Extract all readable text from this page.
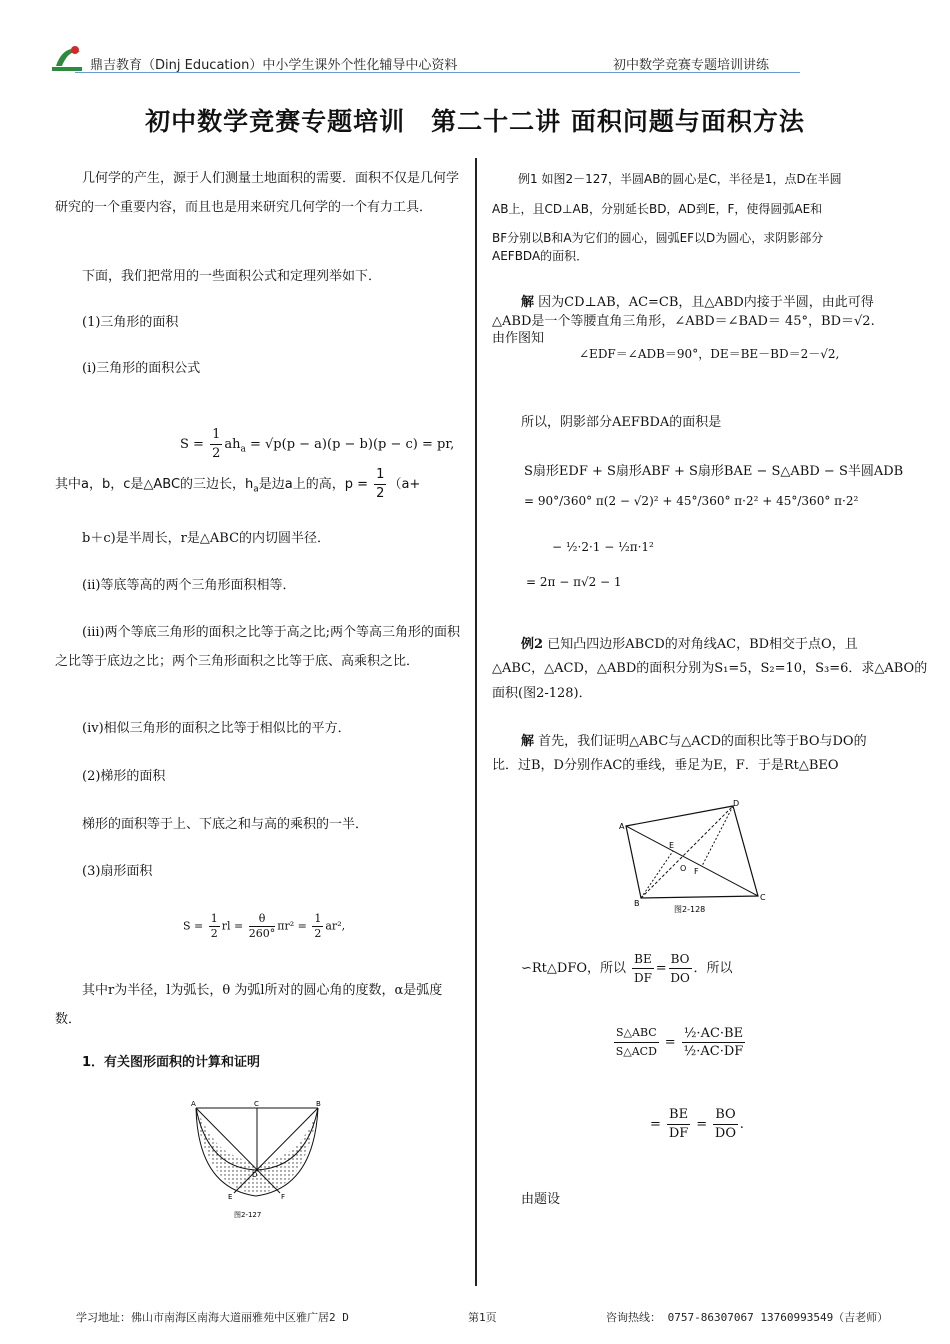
鼎吉教育（Dinj Education）中小学生课外个性化辅导中心资料	初中数学竞赛专题培训讲练
初中数学竞赛专题培训　第二十二讲 面积问题与面积方法
几何学的产生，源于人们测量土地面积的需要．面积不仅是几何学研究的一个重要内容，而且也是用来研究几何学的一个有力工具．
下面，我们把常用的一些面积公式和定理列举如下．
(1)三角形的面积
(i)三角形的面积公式
$S = \frac{1}{2} ah_a = √p(p - a)(p - b)(p - c)$ = pr,
其中a，b，c是△ABC的三边长，$h_a$是边a上的高，$p = \frac{1}{2} (a+$
b＋c)是半周长，r是△ABC的内切圆半径．
(ii)等底等高的两个三角形面积相等．
(iii)两个等底三角形的面积之比等于高之比;两个等高三角形的面积之比等于底边之比；两个三角形面积之比等于底、高乘积之比．
(iv)相似三角形的面积之比等于相似比的平方．
(2)梯形的面积
梯形的面积等于上、下底之和与高的乘积的一半．
(3)扇形面积
$S = \frac{1}{2}$ rl = $\frac{\theta}{260^\circ} \pi r^2 = \frac{1}{2} ar^2$,
其中r为半径，l为弧长，θ 为弧l所对的圆心角的度数，α是弧度数．
1．有关图形面积的计算和证明
A	C	B
D
E	F
图2-127
例1 如图2－127，半圆AB的圆心是C，半径是1，点D在半圆
AB上，且CD⊥AB，分别延长BD，AD到E，F，使得圆弧AE和
BF分别以B和A为它们的圆心，圆弧EF以D为圆心，求阴影部分
AEFBDA的面积．
解 因为CD⊥AB，AC=CB，且△ABD内接于半圆，由此可得
△ABD是一个等腰直角三角形，∠ABD＝∠BAD＝ 45°，BD＝√2.
由作图知
∠EDF＝∠ADB＝90°，DE＝BE－BD＝2－√2,
所以，阴影部分AEFBDA的面积是
S扇形EDF + S扇形ABF + S扇形BAE − S△ABD − S半圆ADB
= 90°/360° π(2 − √2)² + 45°/360° π·2² + 45°/360° π·2²
− ½·2·1 − ½π·1²
= 2π − π√2 − 1
例2 已知凸四边形ABCD的对角线AC，BD相交于点O，且
△ABC，△ACD，△ABD的面积分别为S₁=5，S₂=10，S₃=6．求△ABO的
面积(图2-128)．
解 首先，我们证明△ABC与△ACD的面积比等于BO与DO的
比．过B，D分别作AC的垂线，垂足为E，F．于是Rt△BEO
A
D
C
B
E
O F
图2-128
∽Rt△DFO，所以 $\frac{BE}{DF} = \frac{BO}{DO}$ ．所以
$\frac{\text{S△ABC}}{\text{S△ACD}} = \frac{\text{½·AC·BE}}{\text{½·AC·DF}}$
= $\frac{BE}{DF} = \frac{BO}{DO}$ .
由题设
学习地址：佛山市南海区南海大道丽雅苑中区雅广居2 D	第1页	咨询热线： 0757-86307067 13760993549（吉老师）
